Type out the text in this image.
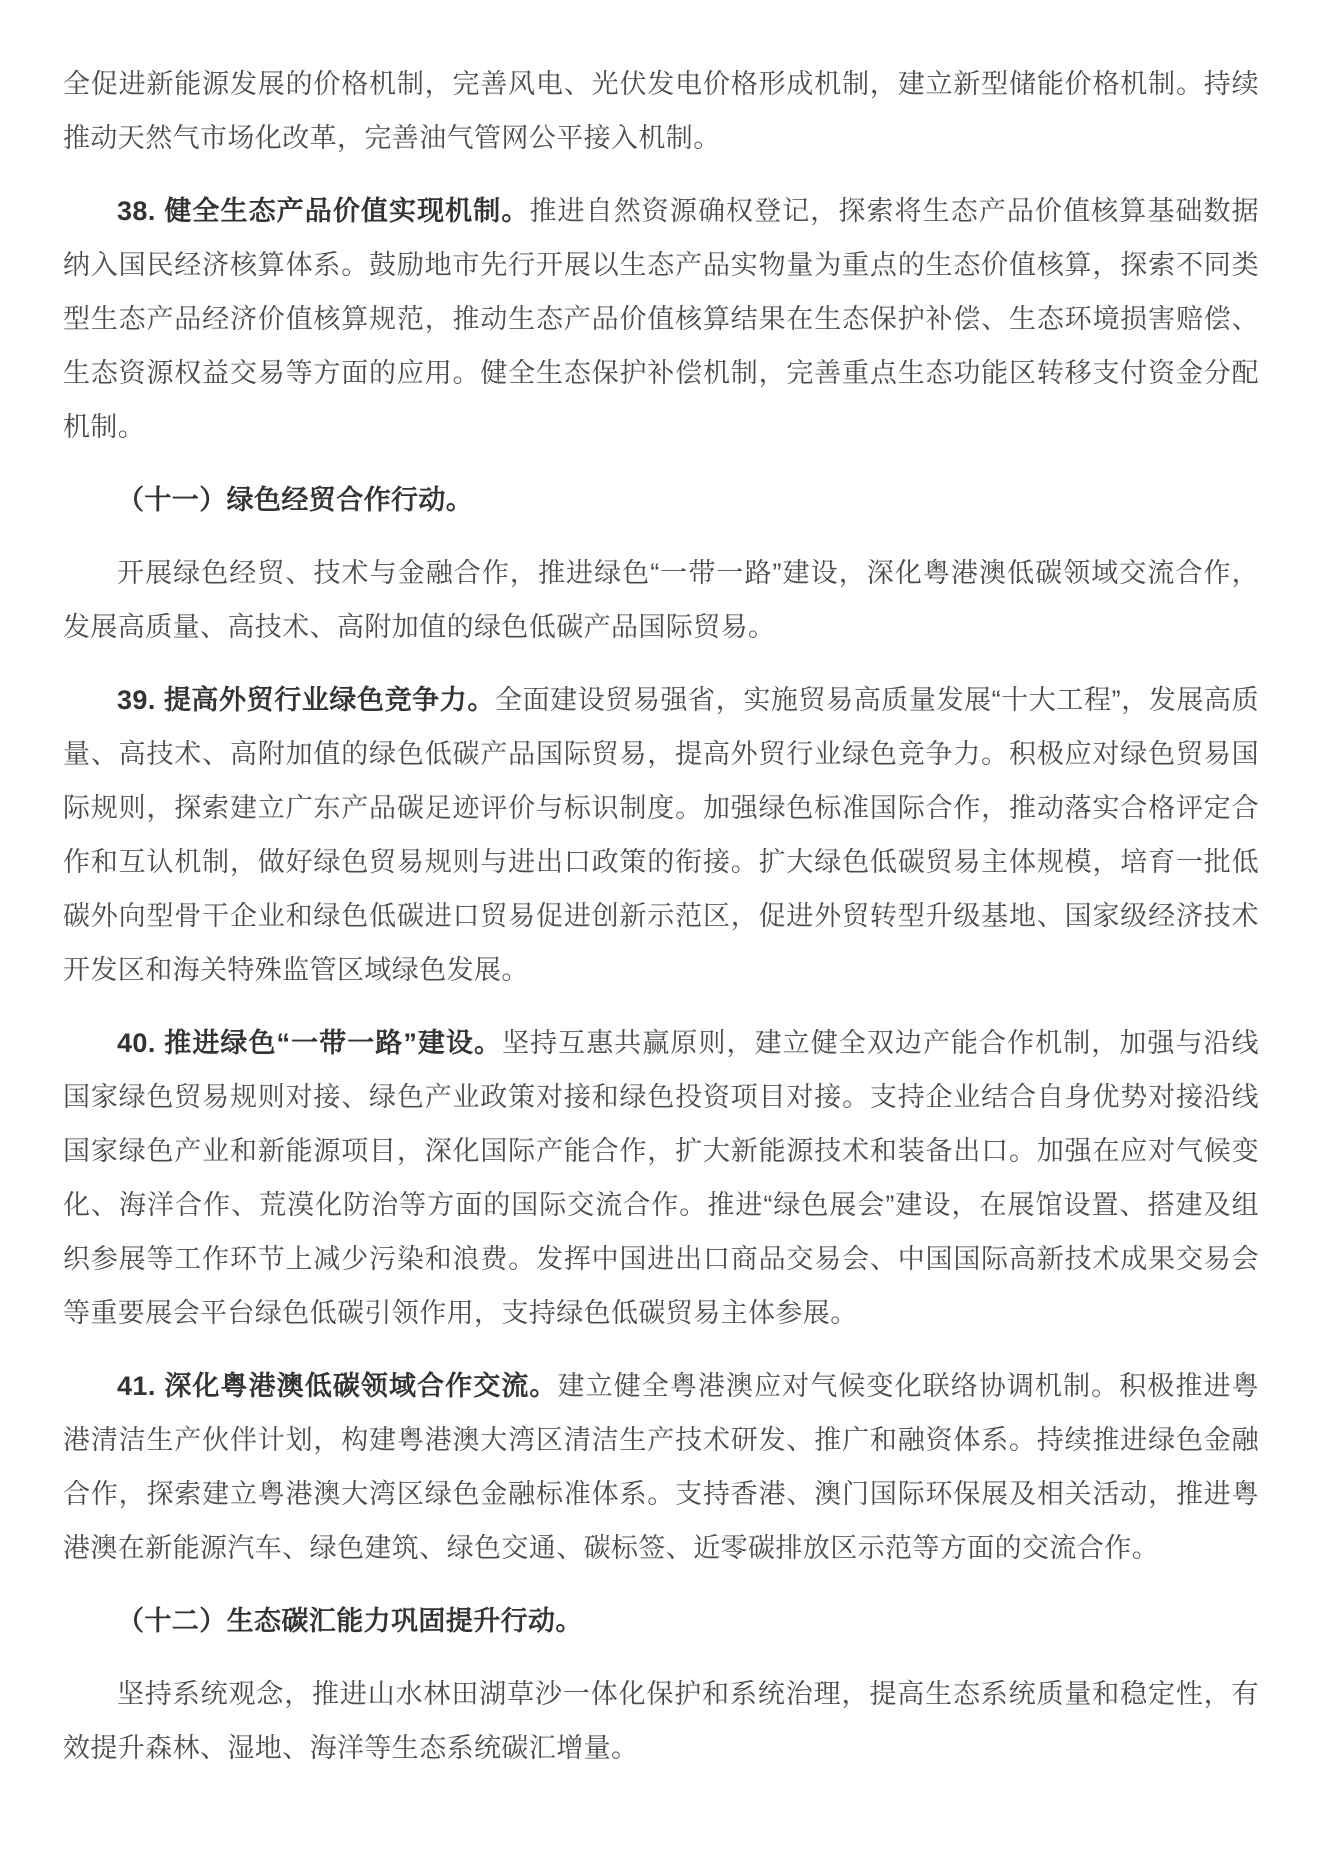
全促进新能源发展的价格机制，完善风电、光伏发电价格形成机制，建立新型储能价格机制。持续推动天然气市场化改革，完善油气管网公平接入机制。

38. 健全生态产品价值实现机制。推进自然资源确权登记，探索将生态产品价值核算基础数据纳入国民经济核算体系。鼓励地市先行开展以生态产品实物量为重点的生态价值核算，探索不同类型生态产品经济价值核算规范，推动生态产品价值核算结果在生态保护补偿、生态环境损害赔偿、生态资源权益交易等方面的应用。健全生态保护补偿机制，完善重点生态功能区转移支付资金分配机制。

（十一）绿色经贸合作行动。

开展绿色经贸、技术与金融合作，推进绿色“一带一路”建设，深化粤港澳低碳领域交流合作，发展高质量、高技术、高附加值的绿色低碳产品国际贸易。

39. 提高外贸行业绿色竞争力。全面建设贸易强省，实施贸易高质量发展“十大工程”，发展高质量、高技术、高附加值的绿色低碳产品国际贸易，提高外贸行业绿色竞争力。积极应对绿色贸易国际规则，探索建立广东产品碳足迹评价与标识制度。加强绿色标准国际合作，推动落实合格评定合作和互认机制，做好绿色贸易规则与进出口政策的衔接。扩大绿色低碳贸易主体规模，培育一批低碳外向型骨干企业和绿色低碳进口贸易促进创新示范区，促进外贸转型升级基地、国家级经济技术开发区和海关特殊监管区域绿色发展。

40. 推进绿色“一带一路”建设。坚持互惠共赢原则，建立健全双边产能合作机制，加强与沿线国家绿色贸易规则对接、绿色产业政策对接和绿色投资项目对接。支持企业结合自身优势对接沿线国家绿色产业和新能源项目，深化国际产能合作，扩大新能源技术和装备出口。加强在应对气候变化、海洋合作、荒漠化防治等方面的国际交流合作。推进“绿色展会”建设，在展馆设置、搭建及组织参展等工作环节上减少污染和浪费。发挥中国进出口商品交易会、中国国际高新技术成果交易会等重要展会平台绿色低碳引领作用，支持绿色低碳贸易主体参展。

41. 深化粤港澳低碳领域合作交流。建立健全粤港澳应对气候变化联络协调机制。积极推进粤港清洁生产伙伴计划，构建粤港澳大湾区清洁生产技术研发、推广和融资体系。持续推进绿色金融合作，探索建立粤港澳大湾区绿色金融标准体系。支持香港、澳门国际环保展及相关活动，推进粤港澳在新能源汽车、绿色建筑、绿色交通、碳标签、近零碳排放区示范等方面的交流合作。

（十二）生态碳汇能力巩固提升行动。

坚持系统观念，推进山水林田湖草沙一体化保护和系统治理，提高生态系统质量和稳定性，有效提升森林、湿地、海洋等生态系统碳汇增量。
